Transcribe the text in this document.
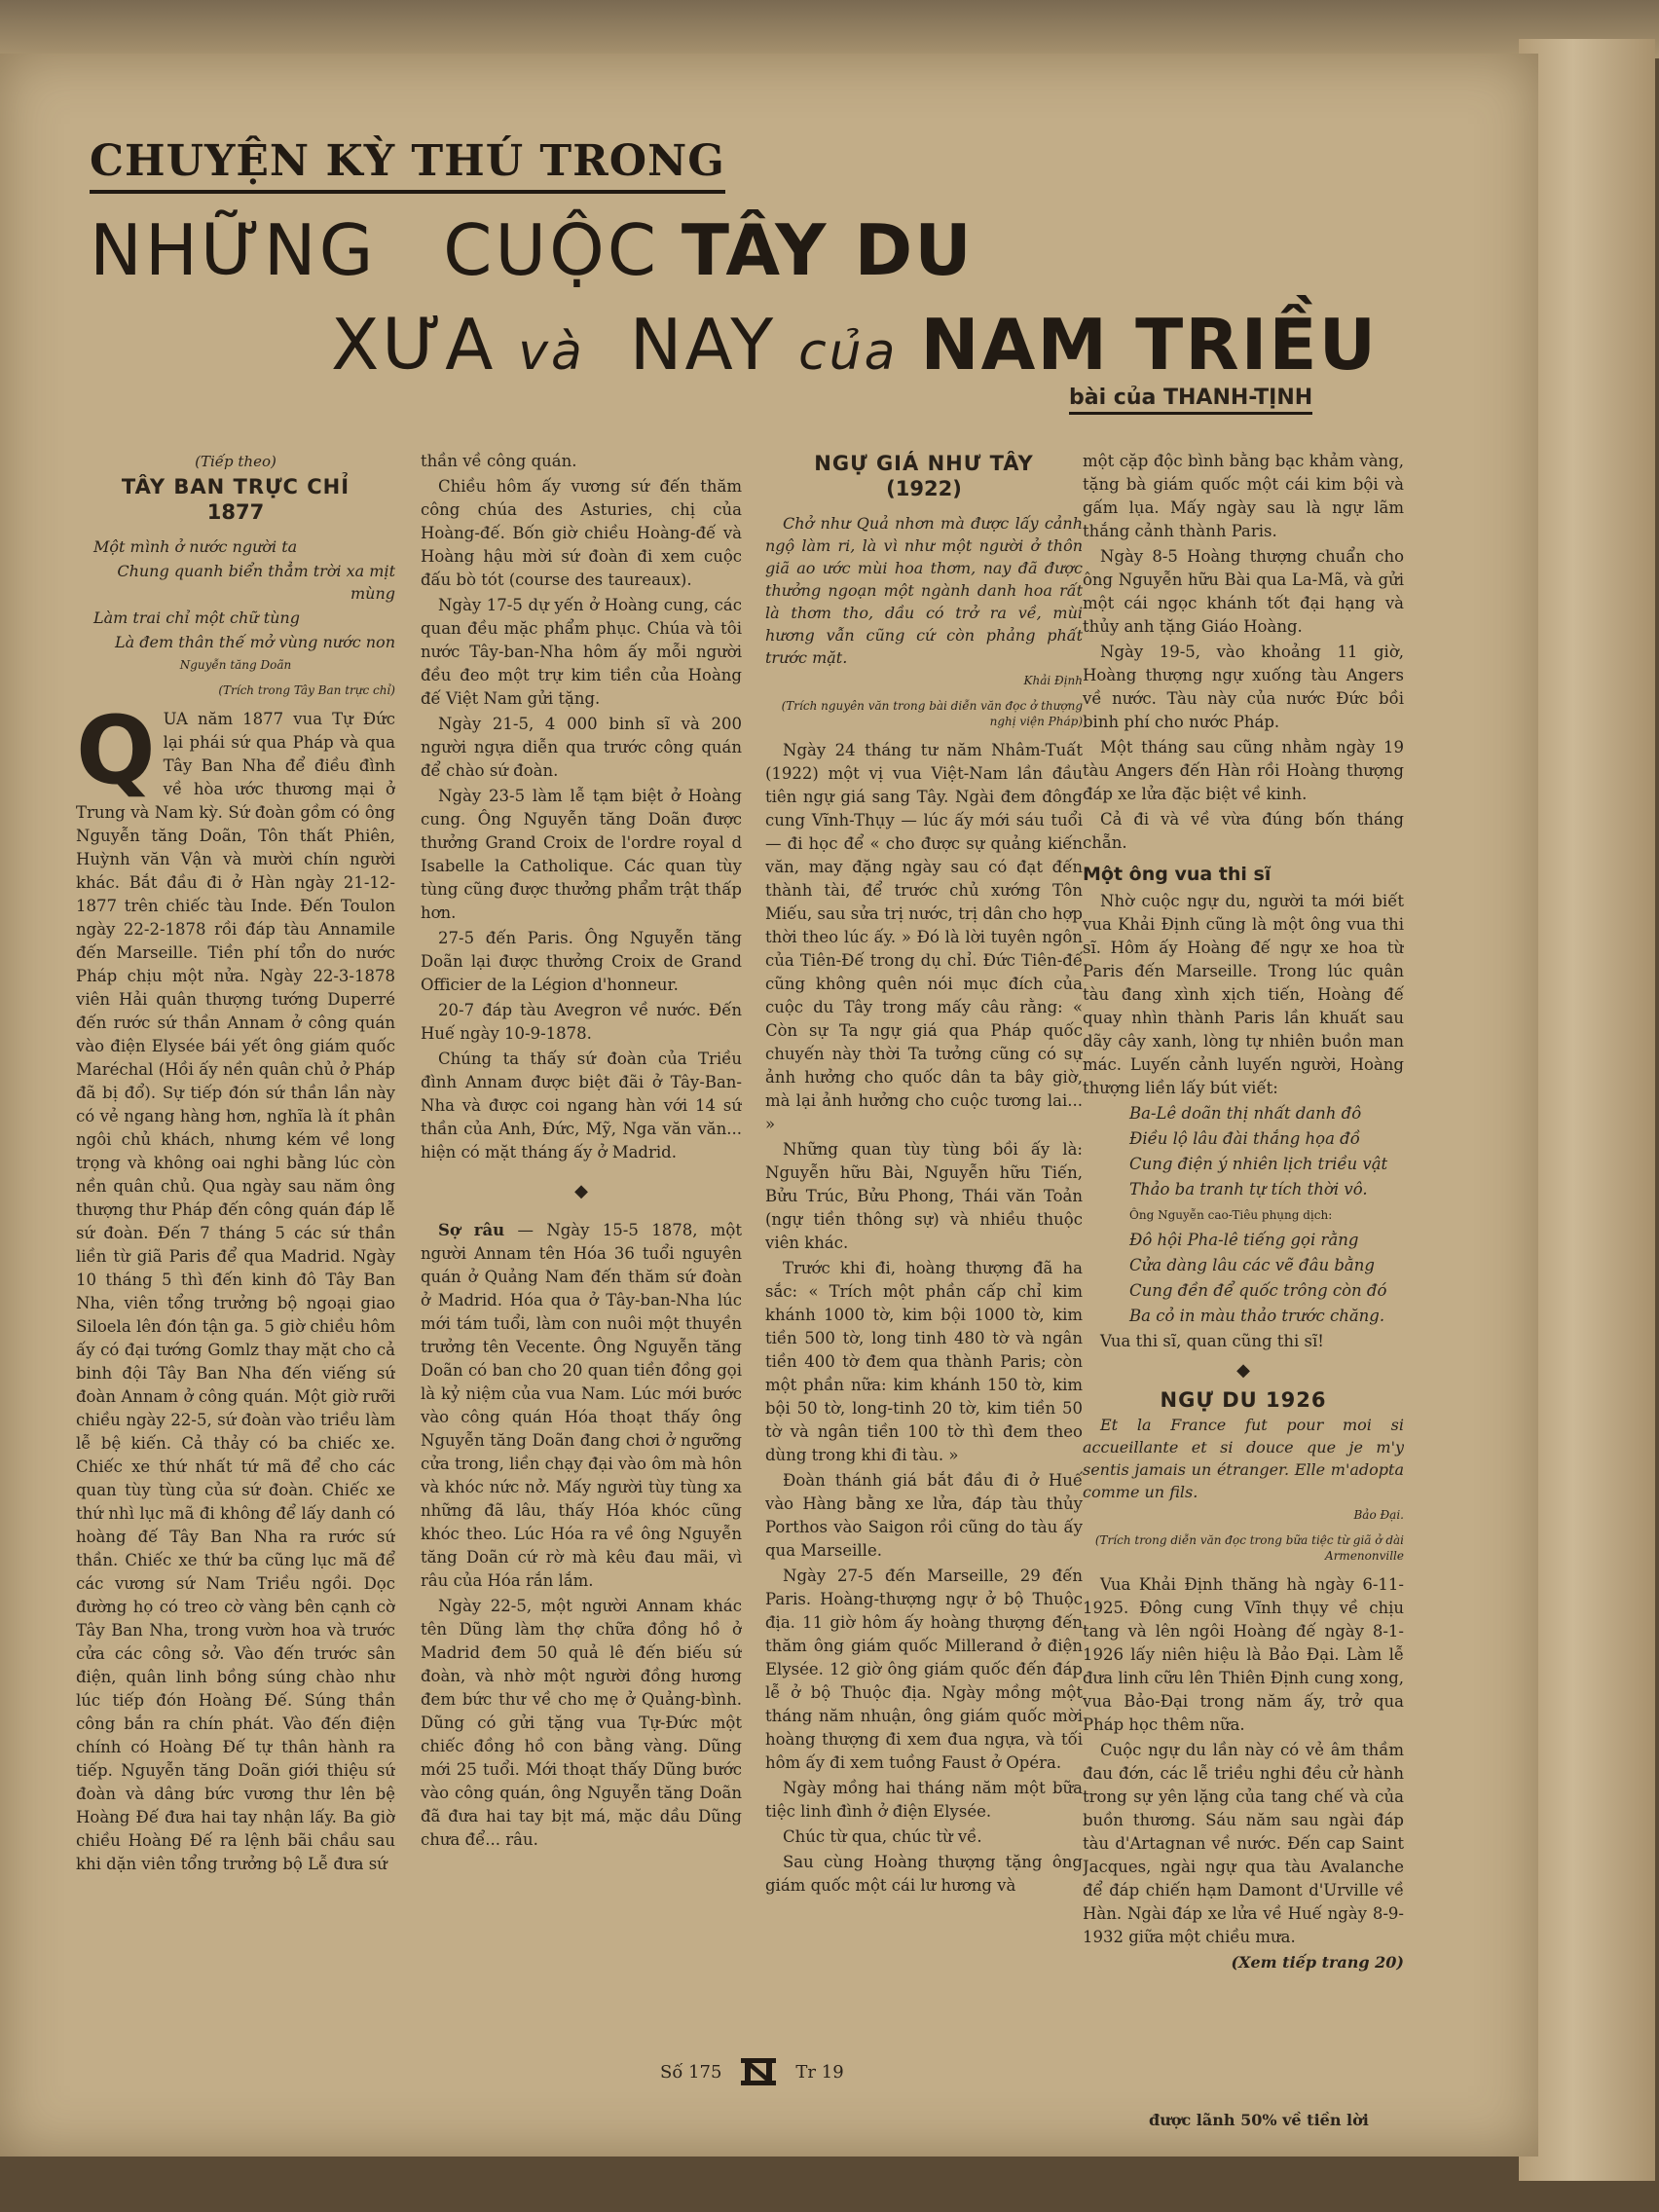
CHUYỆN KỲ THÚ TRONG
NHỮNG CUỘC TÂY DU
XƯA và NAY của NAM TRIỀU
bài của THANH-TỊNH
(Tiếp theo)
TÂY BAN TRỰC CHỈ
1877

Một mình ở nước người ta

Chung quanh biển thẳm trời xa mịt mùng

Làm trai chỉ một chữ tùng

Là đem thân thế mở vùng nước non

Nguyễn tăng Doãn
(Trích trong Tây Ban trực chỉ)

QUA năm 1877 vua Tự Đức lại phái sứ qua Pháp và qua Tây Ban Nha để điều đình về hòa ước thương mại ở Trung và Nam kỳ. Sứ đoàn gồm có ông Nguyễn tăng Doãn, Tôn thất Phiên, Huỳnh văn Vận và mười chín người khác. Bắt đầu đi ở Hàn ngày 21-12-1877 trên chiếc tàu Inde. Đến Toulon ngày 22-2-1878 rồi đáp tàu Annamile đến Marseille. Tiền phí tổn do nước Pháp chịu một nửa. Ngày 22-3-1878 viên Hải quân thượng tướng Duperré đến rước sứ thần Annam ở công quán vào điện Elysée bái yết ông giám quốc Maréchal (Hồi ấy nền quân chủ ở Pháp đã bị đổ). Sự tiếp đón sứ thần lần này có vẻ ngang hàng hơn, nghĩa là ít phân ngôi chủ khách, nhưng kém về long trọng và không oai nghi bằng lúc còn nền quân chủ. Qua ngày sau năm ông thượng thư Pháp đến công quán đáp lễ sứ đoàn. Đến 7 tháng 5 các sứ thần liền từ giã Paris để qua Madrid. Ngày 10 tháng 5 thì đến kinh đô Tây Ban Nha, viên tổng trưởng bộ ngoại giao Siloela lên đón tận ga. 5 giờ chiều hôm ấy có đại tướng Gomlz thay mặt cho cả binh đội Tây Ban Nha đến viếng sứ đoàn Annam ở công quán. Một giờ rưỡi chiều ngày 22-5, sứ đoàn vào triều làm lễ bệ kiến. Cả thảy có ba chiếc xe. Chiếc xe thứ nhất tứ mã để cho các quan tùy tùng của sứ đoàn. Chiếc xe thứ nhì lục mã đi không để lấy danh có hoàng đế Tây Ban Nha ra rước sứ thần. Chiếc xe thứ ba cũng lục mã để các vương sứ Nam Triều ngồi. Dọc đường họ có treo cờ vàng bên cạnh cờ Tây Ban Nha, trong vườn hoa và trước cửa các công sở. Vào đến trước sân điện, quân linh bồng súng chào như lúc tiếp đón Hoàng Đế. Súng thần công bắn ra chín phát. Vào đến điện chính có Hoàng Đế tự thân hành ra tiếp. Nguyễn tăng Doãn giới thiệu sứ đoàn và dâng bức vương thư lên bệ Hoàng Đế đưa hai tay nhận lấy. Ba giờ chiều Hoàng Đế ra lệnh bãi chầu sau khi dặn viên tổng trưởng bộ Lễ đưa sứ

thần về công quán.

Chiều hôm ấy vương sứ đến thăm công chúa des Asturies, chị của Hoàng-đế. Bốn giờ chiều Hoàng-đế và Hoàng hậu mời sứ đoàn đi xem cuộc đấu bò tót (course des taureaux).

Ngày 17-5 dự yến ở Hoàng cung, các quan đều mặc phẩm phục. Chúa và tôi nước Tây-ban-Nha hôm ấy mỗi người đều đeo một trự kim tiền của Hoàng đế Việt Nam gửi tặng.

Ngày 21-5, 4 000 binh sĩ và 200 người ngựa diễn qua trước công quán để chào sứ đoàn.

Ngày 23-5 làm lễ tạm biệt ở Hoàng cung. Ông Nguyễn tăng Doãn được thưởng Grand Croix de l'ordre royal d Isabelle la Catholique. Các quan tùy tùng cũng được thưởng phẩm trật thấp hơn.

27-5 đến Paris. Ông Nguyễn tăng Doãn lại được thưởng Croix de Grand Officier de la Légion d'honneur.

20-7 đáp tàu Avegron về nước. Đến Huế ngày 10-9-1878.

Chúng ta thấy sứ đoàn của Triều đình Annam được biệt đãi ở Tây-Ban-Nha và được coi ngang hàn với 14 sứ thần của Anh, Đức, Mỹ, Nga văn văn... hiện có mặt tháng ấy ở Madrid.

◆

Sợ râu — Ngày 15-5 1878, một người Annam tên Hóa 36 tuổi nguyên quán ở Quảng Nam đến thăm sứ đoàn ở Madrid. Hóa qua ở Tây-ban-Nha lúc mới tám tuổi, làm con nuôi một thuyền trưởng tên Vecente. Ông Nguyễn tăng Doãn có ban cho 20 quan tiền đồng gọi là kỷ niệm của vua Nam. Lúc mới bước vào công quán Hóa thoạt thấy ông Nguyễn tăng Doãn đang chơi ở ngưỡng cửa trong, liền chạy đại vào ôm mà hôn và khóc nức nở. Mấy người tùy tùng xa những đã lâu, thấy Hóa khóc cũng khóc theo. Lúc Hóa ra về ông Nguyễn tăng Doãn cứ rờ mà kêu đau mãi, vì râu của Hóa rắn lắm.

Ngày 22-5, một người Annam khác tên Dũng làm thợ chữa đồng hồ ở Madrid đem 50 quả lê đến biếu sứ đoàn, và nhờ một người đồng hương đem bức thư về cho mẹ ở Quảng-bình. Dũng có gửi tặng vua Tự-Đức một chiếc đồng hồ con bằng vàng. Dũng mới 25 tuổi. Mới thoạt thấy Dũng bước vào công quán, ông Nguyễn tăng Doãn đã đưa hai tay bịt má, mặc dầu Dũng chưa để... râu.

NGỰ GIÁ NHƯ TÂY
(1922)

Chở như Quả nhơn mà được lấy cảnh ngộ làm ri, là vì như một người ở thôn giã ao ước mùi hoa thơm, nay đã được thưởng ngoạn một ngành danh hoa rất là thơm tho, dầu có trở ra về, mùi hương vẫn cũng cứ còn phảng phất trước mặt.

Khải Định
(Trích nguyên văn trong bài diễn văn đọc ở thượng nghị viện Pháp)

Ngày 24 tháng tư năm Nhâm-Tuất (1922) một vị vua Việt-Nam lần đầu tiên ngự giá sang Tây. Ngài đem đông cung Vĩnh-Thụy — lúc ấy mới sáu tuổi — đi học để « cho được sự quảng kiến văn, may đặng ngày sau có đạt đến thành tài, để trước chủ xướng Tôn Miếu, sau sửa trị nước, trị dân cho hợp thời theo lúc ấy. » Đó là lời tuyên ngôn của Tiên-Đế trong dụ chỉ. Đức Tiên-đế cũng không quên nói mục đích của cuộc du Tây trong mấy câu rằng: « Còn sự Ta ngự giá qua Pháp quốc chuyến này thời Ta tưởng cũng có sự ảnh hưởng cho quốc dân ta bây giờ, mà lại ảnh hưởng cho cuộc tương lai... »

Những quan tùy tùng bồi ấy là: Nguyễn hữu Bài, Nguyễn hữu Tiến, Bửu Trúc, Bửu Phong, Thái văn Toản (ngự tiền thông sự) và nhiều thuộc viên khác.

Trước khi đi, hoàng thượng đã ha sắc: « Trích một phần cấp chỉ kim khánh 1000 tờ, kim bội 1000 tờ, kim tiền 500 tờ, long tinh 480 tờ và ngân tiền 400 tờ đem qua thành Paris; còn một phần nữa: kim khánh 150 tờ, kim bội 50 tờ, long-tinh 20 tờ, kim tiền 50 tờ và ngân tiền 100 tờ thì đem theo dùng trong khi đi tàu. »

Đoàn thánh giá bắt đầu đi ở Huế vào Hàng bằng xe lửa, đáp tàu thủy Porthos vào Saigon rồi cũng do tàu ấy qua Marseille.

Ngày 27-5 đến Marseille, 29 đến Paris. Hoàng-thượng ngự ở bộ Thuộc địa. 11 giờ hôm ấy hoàng thượng đến thăm ông giám quốc Millerand ở điện Elysée. 12 giờ ông giám quốc đến đáp lễ ở bộ Thuộc địa. Ngày mồng một tháng năm nhuận, ông giám quốc mời hoàng thượng đi xem đua ngựa, và tối hôm ấy đi xem tuồng Faust ở Opéra.

Ngày mồng hai tháng năm một bữa tiệc linh đình ở điện Elysée.

Chúc từ qua, chúc từ về.

Sau cùng Hoàng thượng tặng ông giám quốc một cái lư hương và

một cặp độc bình bằng bạc khảm vàng, tặng bà giám quốc một cái kim bội và gấm lụa. Mấy ngày sau là ngự lãm thắng cảnh thành Paris.

Ngày 8-5 Hoàng thượng chuẩn cho ông Nguyễn hữu Bài qua La-Mã, và gửi một cái ngọc khánh tốt đại hạng và thủy anh tặng Giáo Hoàng.

Ngày 19-5, vào khoảng 11 giờ, Hoàng thượng ngự xuống tàu Angers về nước. Tàu này của nước Đức bồi binh phí cho nước Pháp.

Một tháng sau cũng nhằm ngày 19 tàu Angers đến Hàn rồi Hoàng thượng đáp xe lửa đặc biệt về kinh.

Cả đi và về vừa đúng bốn tháng chẵn.

Một ông vua thi sĩ

Nhờ cuộc ngự du, người ta mới biết vua Khải Định cũng là một ông vua thi sĩ. Hôm ấy Hoàng đế ngự xe hoa từ Paris đến Marseille. Trong lúc quân tàu đang xình xịch tiến, Hoàng đế quay nhìn thành Paris lần khuất sau dãy cây xanh, lòng tự nhiên buồn man mác. Luyến cảnh luyến người, Hoàng thượng liền lấy bút viết:

Ba-Lê doãn thị nhất danh đô

Điều lộ lâu đài thắng họa đồ

Cung điện ý nhiên lịch triều vật

Thảo ba tranh tự tích thời vô.

Ông Nguyễn cao-Tiêu phụng dịch:

Đô hội Pha-lê tiếng gọi rằng

Cửa dàng lâu các vẽ đâu bằng

Cung đền để quốc trông còn đó

Ba cỏ in màu thảo trước chăng.

Vua thi sĩ, quan cũng thi sĩ!

◆
NGỰ DU 1926

Et la France fut pour moi si accueillante et si douce que je m'y sentis jamais un étranger. Elle m'adopta comme un fils.

Bảo Đại.
(Trích trong diễn văn đọc trong bữa tiệc từ giã ở dài Armenonville

Vua Khải Định thăng hà ngày 6-11-1925. Đông cung Vĩnh thụy về chịu tang và lên ngôi Hoàng đế ngày 8-1-1926 lấy niên hiệu là Bảo Đại. Làm lễ đưa linh cữu lên Thiên Định cung xong, vua Bảo-Đại trong năm ấy, trở qua Pháp học thêm nữa.

Cuộc ngự du lần này có vẻ âm thầm đau đớn, các lễ triều nghi đều cử hành trong sự yên lặng của tang chế và của buồn thương. Sáu năm sau ngài đáp tàu d'Artagnan về nước. Đến cap Saint Jacques, ngài ngự qua tàu Avalanche để đáp chiến hạm Damont d'Urville về Hàn. Ngài đáp xe lửa về Huế ngày 8-9-1932 giữa một chiều mưa.

(Xem tiếp trang 20)

Số 175	Tr 19
được lãnh 50% về tiền lời
